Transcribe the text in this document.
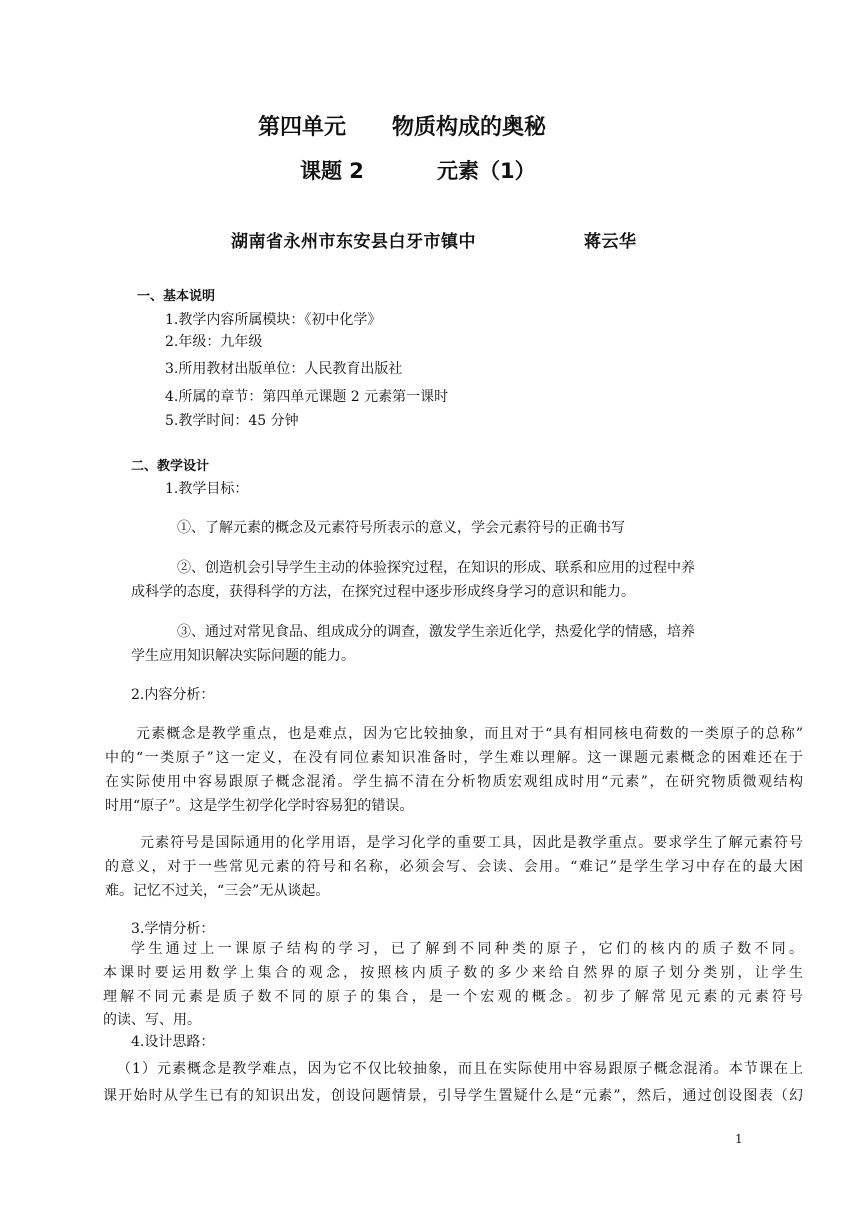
第四单元 物质构成的奥秘
课题 2	元素（1）
湖南省永州市东安县白牙市镇中	蒋云华
一、基本说明
1.教学内容所属模块：《初中化学》
2.年级：九年级
3.所用教材出版单位：人民教育出版社
4.所属的章节：第四单元课题 2 元素第一课时
5.教学时间：45 分钟
二、教学设计
1.教学目标：
①、了解元素的概念及元素符号所表示的意义，学会元素符号的正确书写
②、创造机会引导学生主动的体验探究过程，在知识的形成、联系和应用的过程中养
成科学的态度，获得科学的方法，在探究过程中逐步形成终身学习的意识和能力。
③、通过对常见食品、组成成分的调查，激发学生亲近化学，热爱化学的情感，培养
学生应用知识解决实际问题的能力。
2.内容分析：
元素概念是教学重点，也是难点，因为它比较抽象，而且对于“具有相同核电荷数的一类原子的总称”
中的“一类原子”这一定义，在没有同位素知识准备时，学生难以理解。这一课题元素概念的困难还在于
在实际使用中容易跟原子概念混淆。学生搞不清在分析物质宏观组成时用“元素”，在研究物质微观结构
时用“原子”。这是学生初学化学时容易犯的错误。
元素符号是国际通用的化学用语，是学习化学的重要工具，因此是教学重点。要求学生了解元素符号
的意义，对于一些常见元素的符号和名称，必须会写、会读、会用。“难记”是学生学习中存在的最大困
难。记忆不过关，“三会”无从谈起。
3.学情分析：
学生通过上一课原子结构的学习，已了解到不同种类的原子，它们的核内的质子数不同。
本课时要运用数学上集合的观念，按照核内质子数的多少来给自然界的原子划分类别，让学生
理解不同元素是质子数不同的原子的集合，是一个宏观的概念。初步了解常见元素的元素符号
的读、写、用。
4.设计思路：
（1）元素概念是教学难点，因为它不仅比较抽象，而且在实际使用中容易跟原子概念混淆。本节课在上
课开始时从学生已有的知识出发，创设问题情景，引导学生置疑什么是“元素”，然后，通过创设图表（幻
1
